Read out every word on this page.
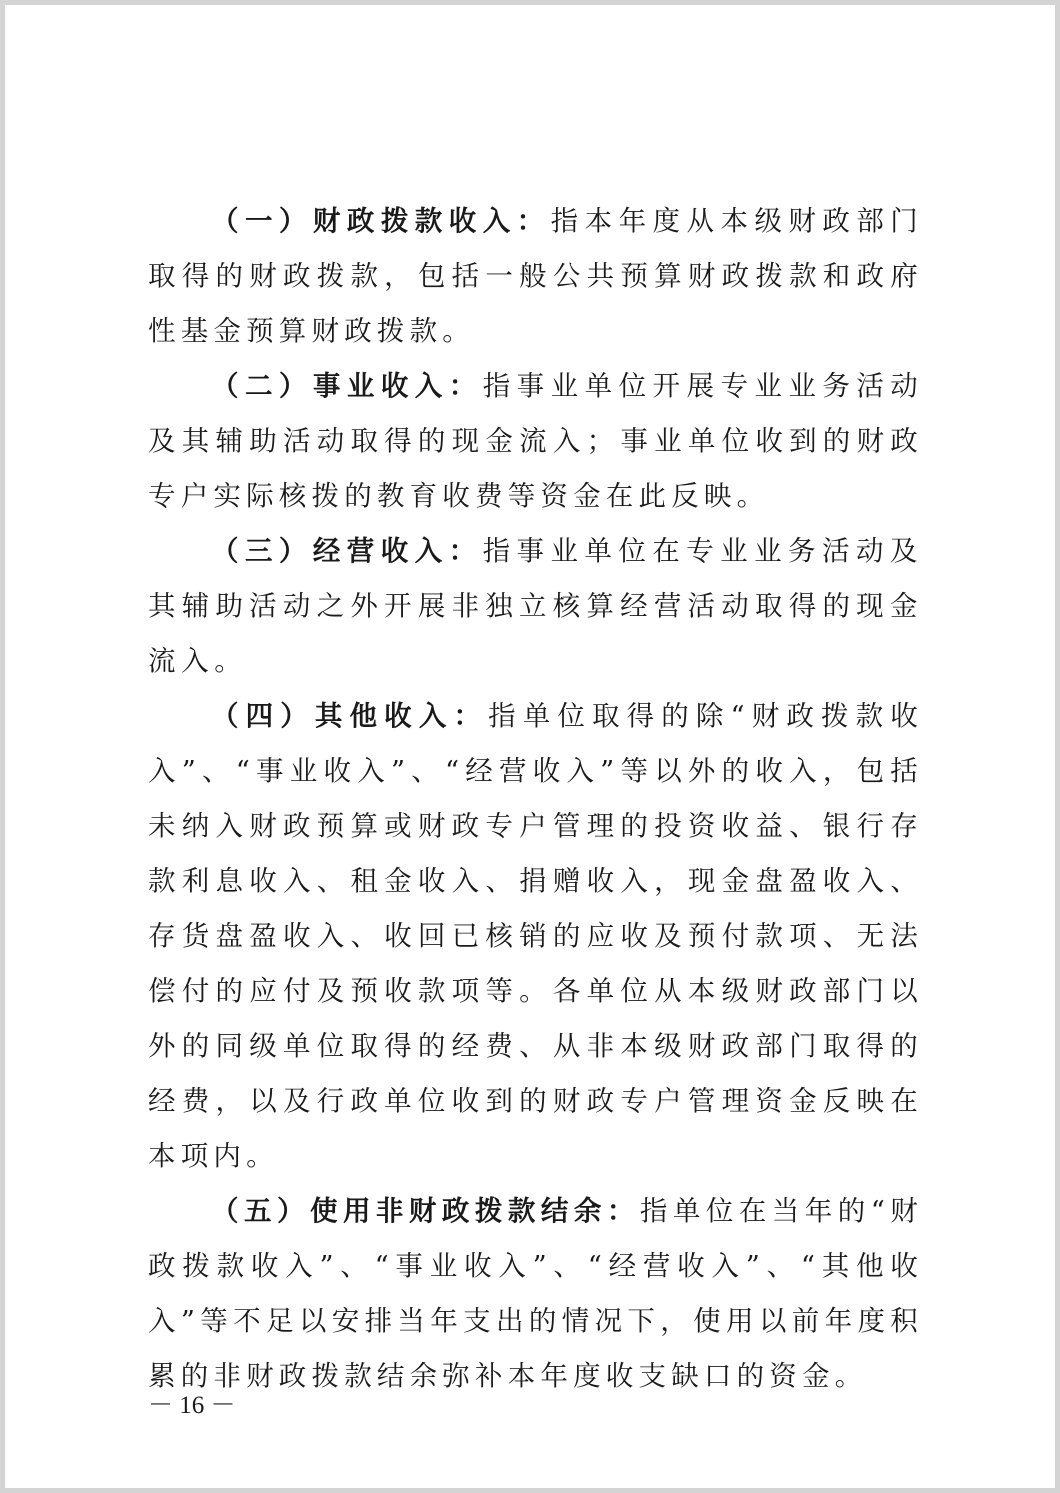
（一）财政拨款收入：指本年度从本级财政部门取得的财政拨款，包括一般公共预算财政拨款和政府性基金预算财政拨款。

（二）事业收入：指事业单位开展专业业务活动及其辅助活动取得的现金流入；事业单位收到的财政专户实际核拨的教育收费等资金在此反映。

（三）经营收入：指事业单位在专业业务活动及其辅助活动之外开展非独立核算经营活动取得的现金流入。

（四）其他收入：指单位取得的除“财政拨款收入”、“事业收入”、“经营收入”等以外的收入，包括未纳入财政预算或财政专户管理的投资收益、银行存款利息收入、租金收入、捐赠收入，现金盘盈收入、存货盘盈收入、收回已核销的应收及预付款项、无法偿付的应付及预收款项等。各单位从本级财政部门以外的同级单位取得的经费、从非本级财政部门取得的经费，以及行政单位收到的财政专户管理资金反映在本项内。

（五）使用非财政拨款结余：指单位在当年的“财政拨款收入”、“事业收入”、“经营收入”、“其他收入”等不足以安排当年支出的情况下，使用以前年度积累的非财政拨款结余弥补本年度收支缺口的资金。

－ 16 －
